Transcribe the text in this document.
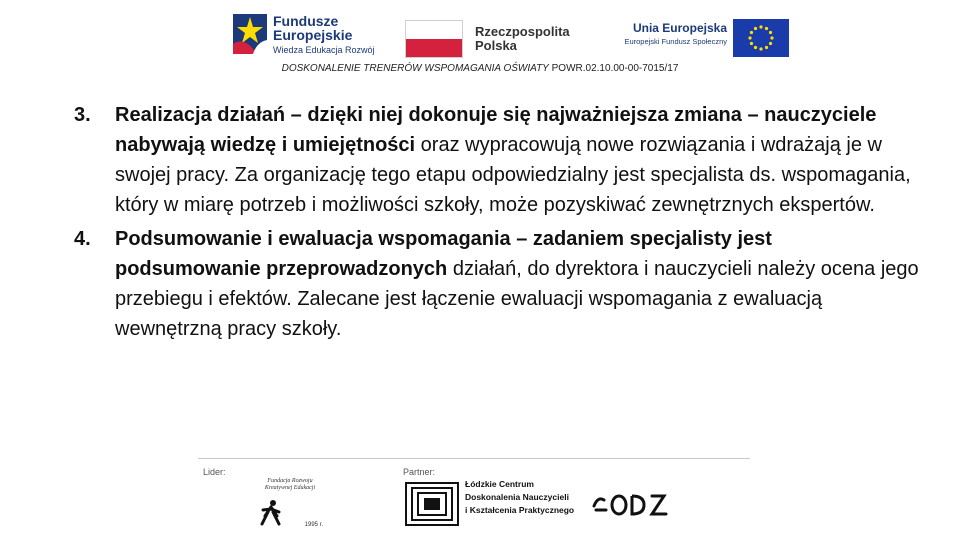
Fundusze
Europejskie
Wiedza Edukacja Rozwój
Rzeczpospolita
Polska
Unia Europejska
Europejski Fundusz Społeczny
DOSKONALENIE TRENERÓW WSPOMAGANIA OŚWIATY POWR.02.10.00-00-7015/17
3. Realizacja działań – dzięki niej dokonuje się najważniejsza zmiana – nauczyciele nabywają wiedzę i umiejętności oraz wypracowują nowe rozwiązania i wdrażają je w swojej pracy. Za organizację tego etapu odpowiedzialny jest specjalista ds. wspomagania, który w miarę potrzeb i możliwości szkoły, może pozyskiwać zewnętrznych ekspertów.
4. Podsumowanie i ewaluacja wspomagania – zadaniem specjalisty jest podsumowanie przeprowadzonych działań, do dyrektora i nauczycieli należy ocena jego przebiegu i efektów. Zalecane jest łączenie ewaluacji wspomagania z ewaluacją wewnętrzną pracy szkoły.
Lider:	Partner:
Fundacja Rozwoju Kreatywnej Edukacji
1995 r.
Łódzkie Centrum
Doskonalenia Nauczycieli
i Kształcenia Praktycznego
